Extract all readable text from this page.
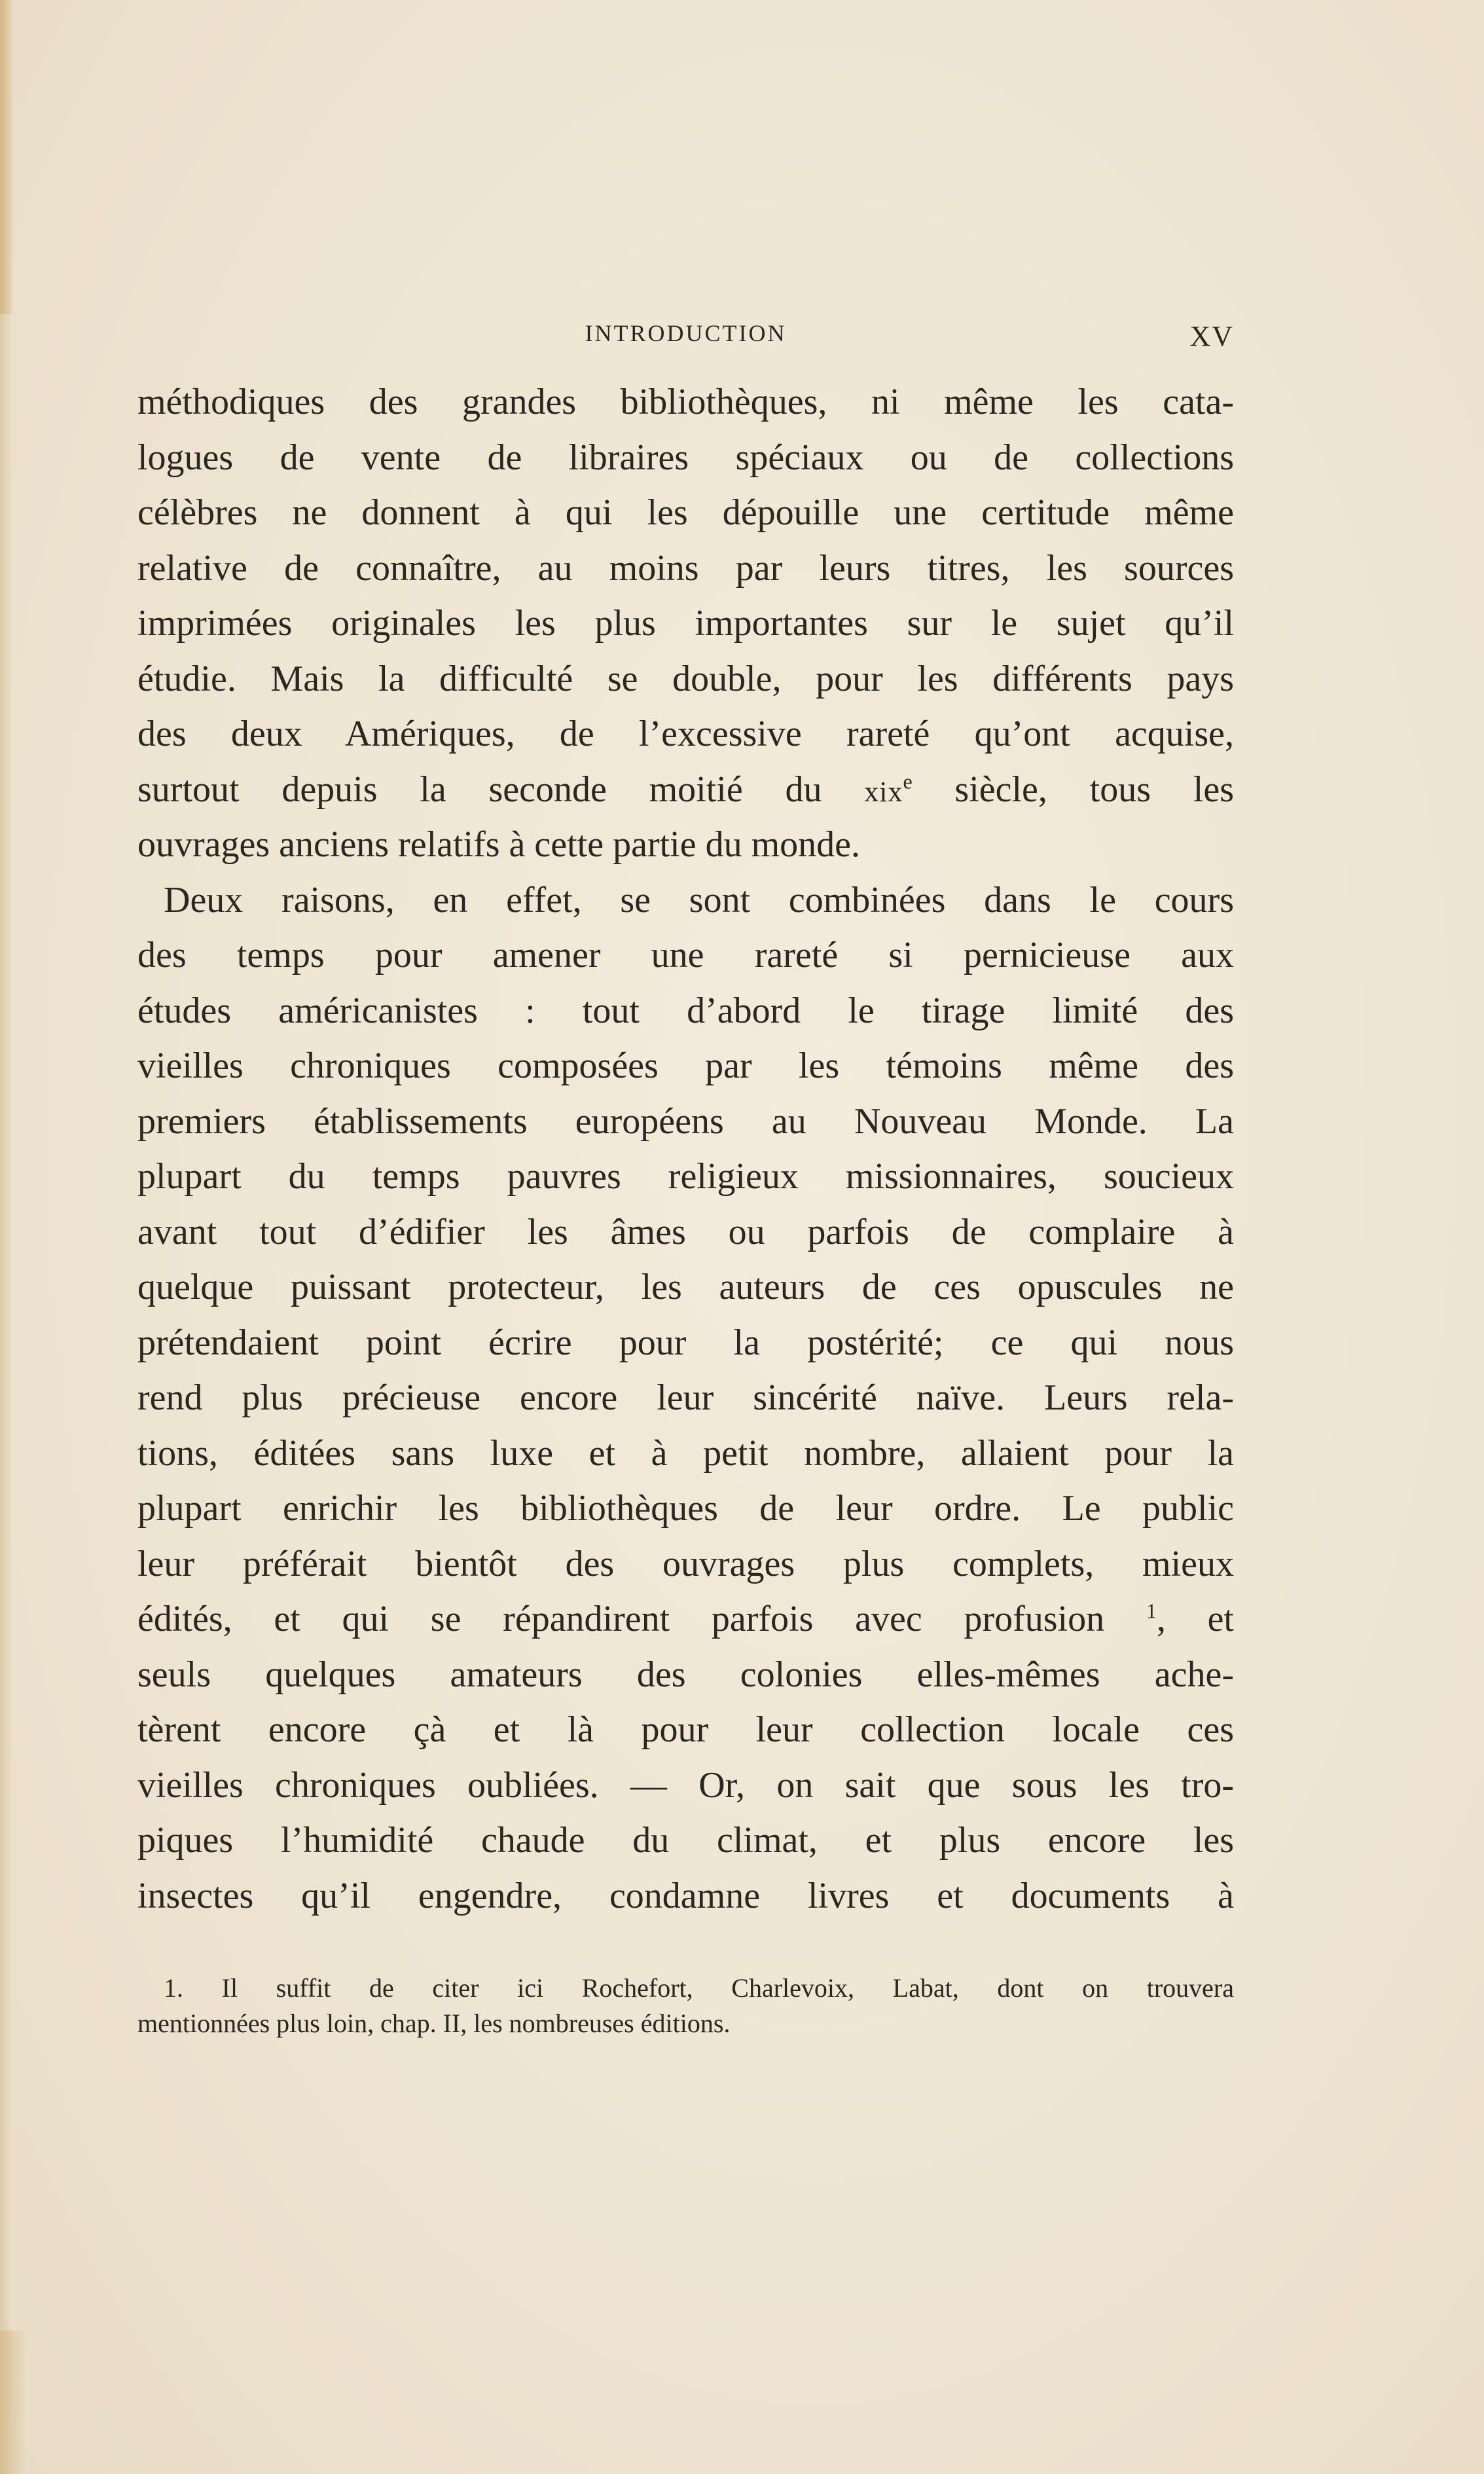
INTRODUCTION	XV
méthodiques des grandes bibliothèques, ni même les cata-
logues de vente de libraires spéciaux ou de collections
célèbres ne donnent à qui les dépouille une certitude même
relative de connaître, au moins par leurs titres, les sources
imprimées originales les plus importantes sur le sujet qu’il
étudie. Mais la difficulté se double, pour les différents pays
des deux Amériques, de l’excessive rareté qu’ont acquise,
surtout depuis la seconde moitié du xix$^e$ siècle, tous les
ouvrages anciens relatifs à cette partie du monde.
Deux raisons, en effet, se sont combinées dans le cours
des temps pour amener une rareté si pernicieuse aux
études américanistes : tout d’abord le tirage limité des
vieilles chroniques composées par les témoins même des
premiers établissements européens au Nouveau Monde. La
plupart du temps pauvres religieux missionnaires, soucieux
avant tout d’édifier les âmes ou parfois de complaire à
quelque puissant protecteur, les auteurs de ces opuscules ne
prétendaient point écrire pour la postérité; ce qui nous
rend plus précieuse encore leur sincérité naïve. Leurs rela-
tions, éditées sans luxe et à petit nombre, allaient pour la
plupart enrichir les bibliothèques de leur ordre. Le public
leur préférait bientôt des ouvrages plus complets, mieux
édités, et qui se répandirent parfois avec profusion $^1$, et
seuls quelques amateurs des colonies elles-mêmes ache-
tèrent encore çà et là pour leur collection locale ces
vieilles chroniques oubliées. — Or, on sait que sous les tro-
piques l’humidité chaude du climat, et plus encore les
insectes qu’il engendre, condamne livres et documents à
1. Il suffit de citer ici Rochefort, Charlevoix, Labat, dont on trouvera
mentionnées plus loin, chap. II, les nombreuses éditions.
